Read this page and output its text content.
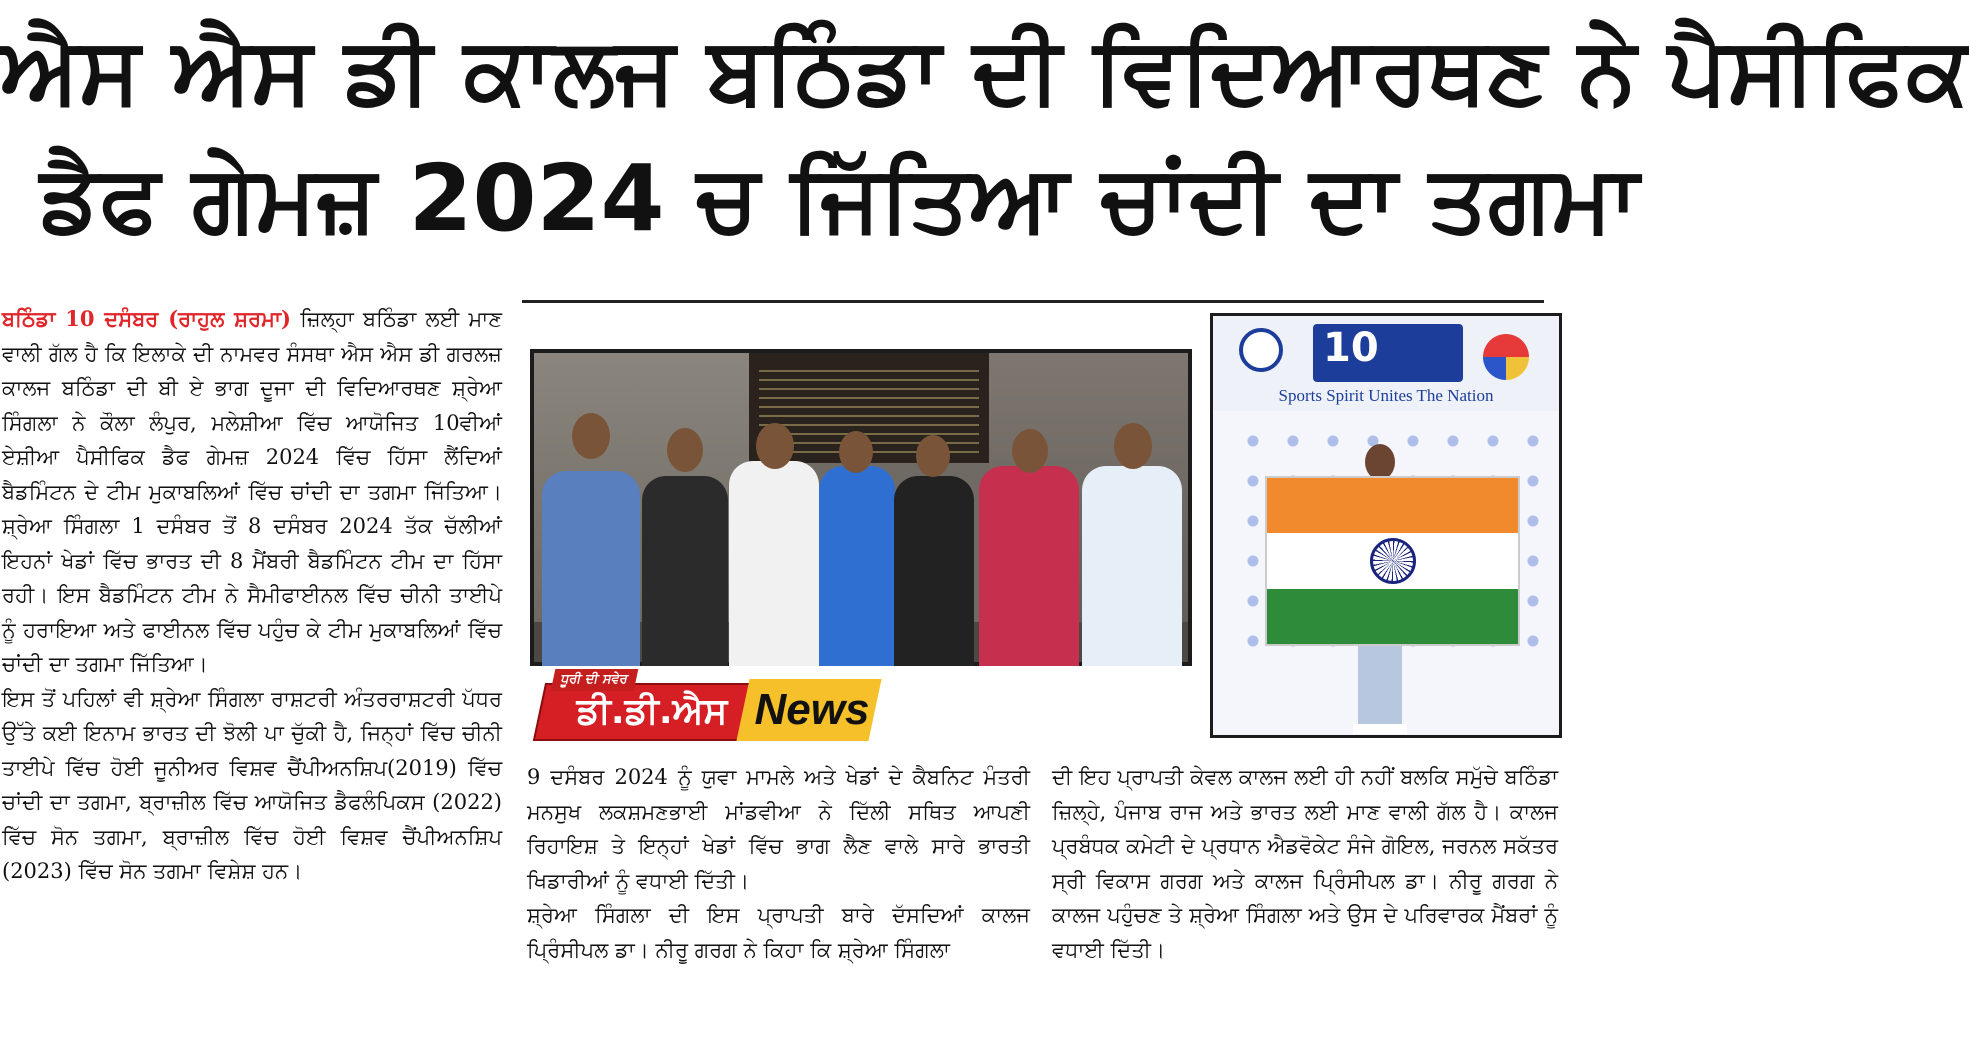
ਐਸ ਐਸ ਡੀ ਕਾਲਜ ਬਠਿੰਡਾ ਦੀ ਵਿਦਿਆਰਥਣ ਨੇ ਪੈਸੀਫਿਕ
ਡੈਫ ਗੇਮਜ਼ 2024 ਚ ਜਿੱਤਿਆ ਚਾਂਦੀ ਦਾ ਤਗਮਾ
ਬਠਿੰਡਾ 10 ਦਸੰਬਰ (ਰਾਹੁਲ ਸ਼ਰਮਾ) ਜ਼ਿਲ੍ਹਾ ਬਠਿੰਡਾ ਲਈ ਮਾਣ ਵਾਲੀ ਗੱਲ ਹੈ ਕਿ ਇਲਾਕੇ ਦੀ ਨਾਮਵਰ ਸੰਸਥਾ ਐਸ ਐਸ ਡੀ ਗਰਲਜ਼ ਕਾਲਜ ਬਠਿੰਡਾ ਦੀ ਬੀ ਏ ਭਾਗ ਦੂਜਾ ਦੀ ਵਿਦਿਆਰਥਣ ਸ਼੍ਰੇਆ ਸਿੰਗਲਾ ਨੇ ਕੌਲਾ ਲੰਪੁਰ, ਮਲੇਸ਼ੀਆ ਵਿੱਚ ਆਯੋਜਿਤ 10ਵੀਆਂ ਏਸ਼ੀਆ ਪੈਸੀਫਿਕ ਡੈਫ ਗੇਮਜ਼ 2024 ਵਿੱਚ ਹਿੱਸਾ ਲੈਂਦਿਆਂ ਬੈਡਮਿੰਟਨ ਦੇ ਟੀਮ ਮੁਕਾਬਲਿਆਂ ਵਿੱਚ ਚਾਂਦੀ ਦਾ ਤਗਮਾ ਜਿੱਤਿਆ। ਸ਼੍ਰੇਆ ਸਿੰਗਲਾ 1 ਦਸੰਬਰ ਤੋਂ 8 ਦਸੰਬਰ 2024 ਤੱਕ ਚੱਲੀਆਂ ਇਹਨਾਂ ਖੇਡਾਂ ਵਿੱਚ ਭਾਰਤ ਦੀ 8 ਮੈਂਬਰੀ ਬੈਡਮਿੰਟਨ ਟੀਮ ਦਾ ਹਿੱਸਾ ਰਹੀ। ਇਸ ਬੈਡਮਿੰਟਨ ਟੀਮ ਨੇ ਸੈਮੀਫਾਈਨਲ ਵਿੱਚ ਚੀਨੀ ਤਾਈਪੇ ਨੂੰ ਹਰਾਇਆ ਅਤੇ ਫਾਈਨਲ ਵਿੱਚ ਪਹੁੰਚ ਕੇ ਟੀਮ ਮੁਕਾਬਲਿਆਂ ਵਿੱਚ ਚਾਂਦੀ ਦਾ ਤਗਮਾ ਜਿੱਤਿਆ।
ਇਸ ਤੋਂ ਪਹਿਲਾਂ ਵੀ ਸ਼੍ਰੇਆ ਸਿੰਗਲਾ ਰਾਸ਼ਟਰੀ ਅੰਤਰਰਾਸ਼ਟਰੀ ਪੱਧਰ ਉੱਤੇ ਕਈ ਇਨਾਮ ਭਾਰਤ ਦੀ ਝੋਲੀ ਪਾ ਚੁੱਕੀ ਹੈ, ਜਿਨ੍ਹਾਂ ਵਿੱਚ ਚੀਨੀ ਤਾਈਪੇ ਵਿੱਚ ਹੋਈ ਜੂਨੀਅਰ ਵਿਸ਼ਵ ਚੈਂਪੀਅਨਸ਼ਿਪ(2019) ਵਿੱਚ ਚਾਂਦੀ ਦਾ ਤਗਮਾ, ਬ੍ਰਾਜ਼ੀਲ ਵਿੱਚ ਆਯੋਜਿਤ ਡੈਫਲੰਪਿਕਸ (2022) ਵਿੱਚ ਸੋਨ ਤਗਮਾ, ਬ੍ਰਾਜ਼ੀਲ ਵਿੱਚ ਹੋਈ ਵਿਸ਼ਵ ਚੈਂਪੀਅਨਸ਼ਿਪ (2023) ਵਿੱਚ ਸੋਨ ਤਗਮਾ ਵਿਸ਼ੇਸ਼ ਹਨ।
10
Sports Spirit Unites The Nation
ਧੂਰੀ ਦੀ ਸਵੇਰ
ਡੀ.ਡੀ.ਐਸ News
9 ਦਸੰਬਰ 2024 ਨੂੰ ਯੁਵਾ ਮਾਮਲੇ ਅਤੇ ਖੇਡਾਂ ਦੇ ਕੈਬਨਿਟ ਮੰਤਰੀ ਮਨਸੁਖ ਲਕਸ਼ਮਣਭਾਈ ਮਾਂਡਵੀਆ ਨੇ ਦਿੱਲੀ ਸਥਿਤ ਆਪਣੀ ਰਿਹਾਇਸ਼ ਤੇ ਇਨ੍ਹਾਂ ਖੇਡਾਂ ਵਿੱਚ ਭਾਗ ਲੈਣ ਵਾਲੇ ਸਾਰੇ ਭਾਰਤੀ ਖਿਡਾਰੀਆਂ ਨੂੰ ਵਧਾਈ ਦਿੱਤੀ।
ਸ਼੍ਰੇਆ ਸਿੰਗਲਾ ਦੀ ਇਸ ਪ੍ਰਾਪਤੀ ਬਾਰੇ ਦੱਸਦਿਆਂ ਕਾਲਜ ਪ੍ਰਿੰਸੀਪਲ ਡਾ। ਨੀਰੂ ਗਰਗ ਨੇ ਕਿਹਾ ਕਿ ਸ਼੍ਰੇਆ ਸਿੰਗਲਾ
ਦੀ ਇਹ ਪ੍ਰਾਪਤੀ ਕੇਵਲ ਕਾਲਜ ਲਈ ਹੀ ਨਹੀਂ ਬਲਕਿ ਸਮੁੱਚੇ ਬਠਿੰਡਾ ਜ਼ਿਲ੍ਹੇ, ਪੰਜਾਬ ਰਾਜ ਅਤੇ ਭਾਰਤ ਲਈ ਮਾਣ ਵਾਲੀ ਗੱਲ ਹੈ। ਕਾਲਜ ਪ੍ਰਬੰਧਕ ਕਮੇਟੀ ਦੇ ਪ੍ਰਧਾਨ ਐਡਵੋਕੇਟ ਸੰਜੇ ਗੋਇਲ, ਜਰਨਲ ਸਕੱਤਰ ਸ੍ਰੀ ਵਿਕਾਸ ਗਰਗ ਅਤੇ ਕਾਲਜ ਪ੍ਰਿੰਸੀਪਲ ਡਾ। ਨੀਰੂ ਗਰਗ ਨੇ ਕਾਲਜ ਪਹੁੰਚਣ ਤੇ ਸ਼੍ਰੇਆ ਸਿੰਗਲਾ ਅਤੇ ਉਸ ਦੇ ਪਰਿਵਾਰਕ ਮੈਂਬਰਾਂ ਨੂੰ ਵਧਾਈ ਦਿੱਤੀ।
